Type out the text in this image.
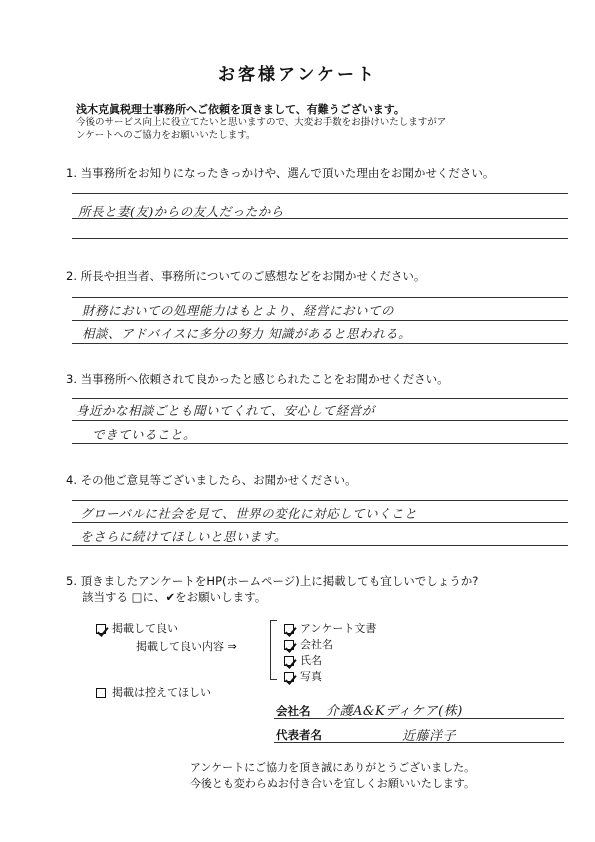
お客様アンケート
浅木克眞税理士事務所へご依頼を頂きまして、有難うございます。
今後のサービス向上に役立てたいと思いますので、大変お手数をお掛けいたしますがア
ンケートへのご協力をお願いいたします。
1. 当事務所をお知りになったきっかけや、選んで頂いた理由をお聞かせください。
所長と妻(友)からの友人だったから
2. 所長や担当者、事務所についてのご感想などをお聞かせください。
財務においての処理能力はもとより、経営においての
相談、アドバイスに多分の努力 知識があると思われる。
3. 当事務所へ依頼されて良かったと感じられたことをお聞かせください。
身近かな相談ごとも聞いてくれて、安心して経営が
できていること。
4. その他ご意見等ございましたら、お聞かせください。
グローバルに社会を見て、世界の変化に対応していくこと
をさらに続けてほしいと思います。
5. 頂きましたアンケートをHP(ホームページ)上に掲載しても宜しいでしょうか?
該当する □に、✔をお願いします。
掲載して良い
掲載して良い内容 ⇒
アンケート文書
会社名
氏名
写真
掲載は控えてほしい
会社名 介護A&Kディケア(株)
代表者名	近藤洋子
アンケートにご協力を頂き誠にありがとうございました。
今後とも変わらぬお付き合いを宜しくお願いいたします。
